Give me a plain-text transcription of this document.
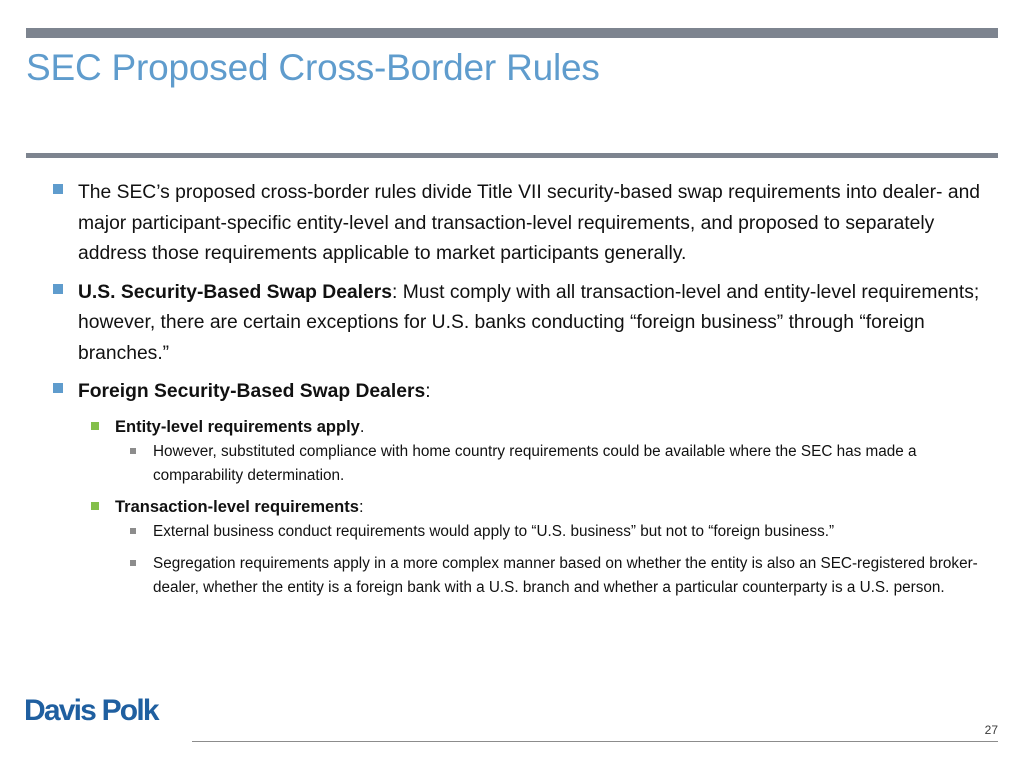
SEC Proposed Cross-Border Rules
The SEC’s proposed cross-border rules divide Title VII security-based swap requirements into dealer- and major participant-specific entity-level and transaction-level requirements, and proposed to separately address those requirements applicable to market participants generally.
U.S. Security-Based Swap Dealers: Must comply with all transaction-level and entity-level requirements; however, there are certain exceptions for U.S. banks conducting “foreign business” through “foreign branches.”
Foreign Security-Based Swap Dealers:
Entity-level requirements apply.
However, substituted compliance with home country requirements could be available where the SEC has made a comparability determination.
Transaction-level requirements:
External business conduct requirements would apply to “U.S. business” but not to “foreign business.”
Segregation requirements apply in a more complex manner based on whether the entity is also an SEC-registered broker-dealer, whether the entity is a foreign bank with a U.S. branch and whether a particular counterparty is a U.S. person.
Davis Polk
27
